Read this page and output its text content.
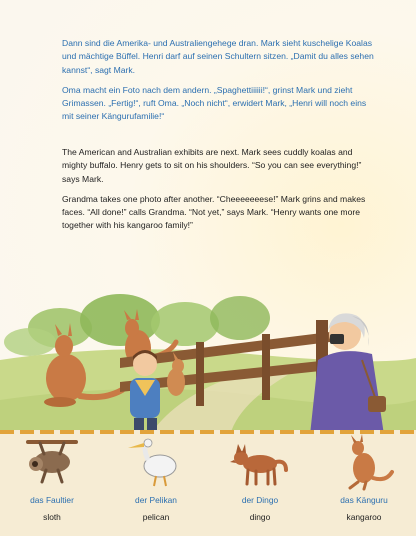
Dann sind die Amerika- und Australiengehege dran. Mark sieht kuschelige Koalas und mächtige Büffel. Henri darf auf seinen Schultern sitzen. „Damit du alles sehen kannst“, sagt Mark.

Oma macht ein Foto nach dem andern. „Spaghettiiiiii!“, grinst Mark und zieht Grimassen. „Fertig!“, ruft Oma. „Noch nicht“, erwidert Mark, „Henri will noch eins mit seiner Kängurufamilie!“

The American and Australian exhibits are next. Mark sees cuddly koalas and mighty buffalo. Henry gets to sit on his shoulders. “So you can see everything!” says Mark.

Grandma takes one photo after another. “Cheeeeeeese!” Mark grins and makes faces. “All done!” calls Grandma. “Not yet,” says Mark. “Henry wants one more together with his kangaroo family!”

das Faultier
sloth
der Pelikan
pelican
der Dingo
dingo
das Känguru
kangaroo
